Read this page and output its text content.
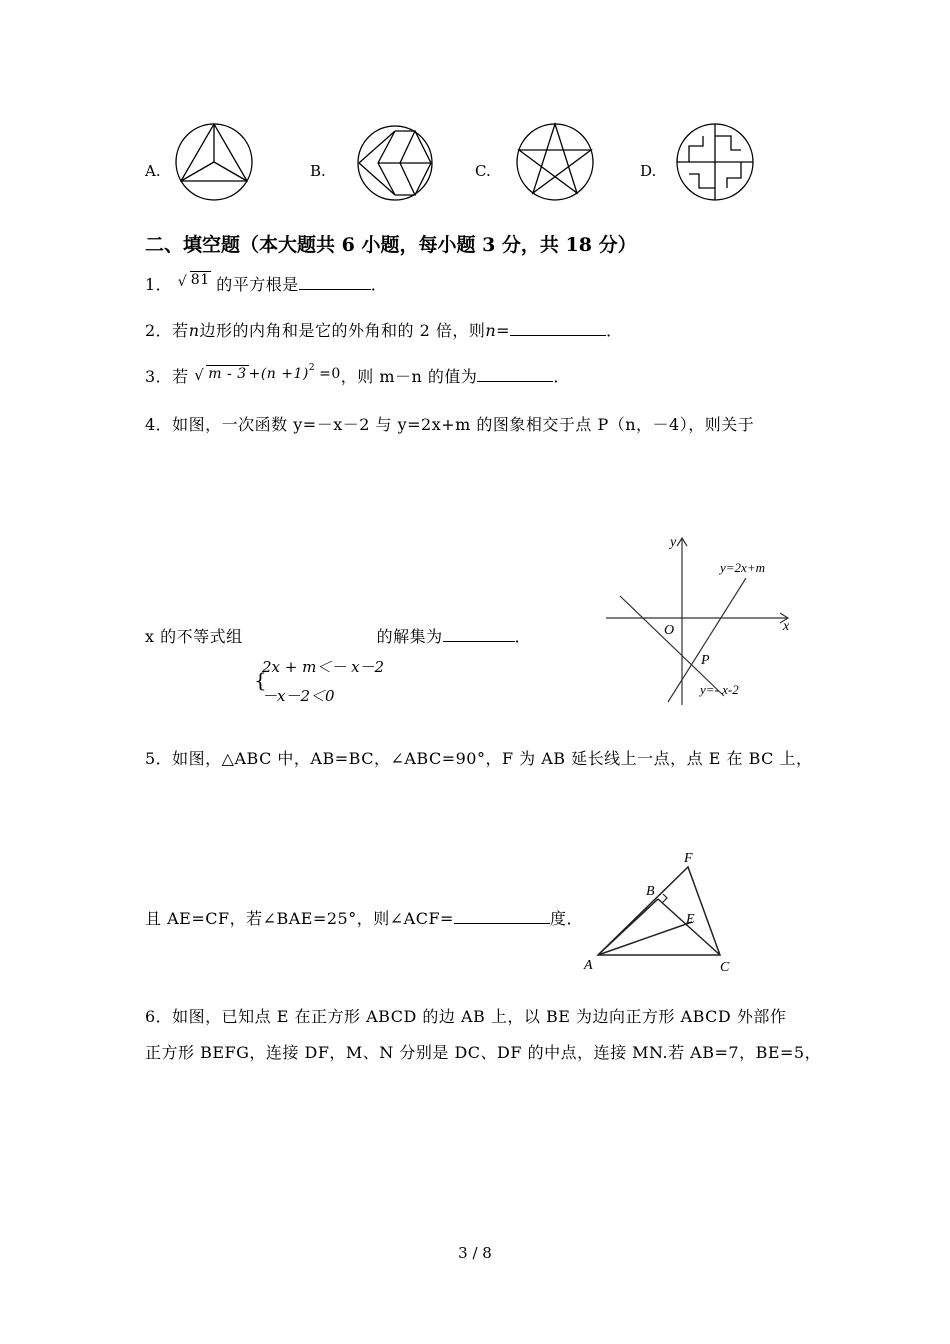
A.	B.	C.	D.
二、填空题（本大题共 6 小题，每小题 3 分，共 18 分）
1． √ 81 的平方根是	．
2．若n边形的内角和是它的外角和的 2 倍，则n=	．
3．若 √ $m - 3 +(n +1)^2 =0$，则 m－n 的值为	．
4．如图，一次函数 y=－x－2 与 y=2x+m 的图象相交于点 P（n，－4），则关于
x 的不等式组	的解集为	．
{
2x + m＜－ x－2
－x－2＜0
y
x
O
P
y=2x+m
y=- x-2
5．如图，△ABC 中，AB=BC，∠ABC=90°，F 为 AB 延长线上一点，点 E 在 BC 上，
且 AE=CF，若∠BAE=25°，则∠ACF=	度．
A
B
C
E
F
6．如图，已知点 E 在正方形 ABCD 的边 AB 上，以 BE 为边向正方形 ABCD 外部作
正方形 BEFG，连接 DF，M、N 分别是 DC、DF 的中点，连接 MN.若 AB=7，BE=5，
3 / 8
